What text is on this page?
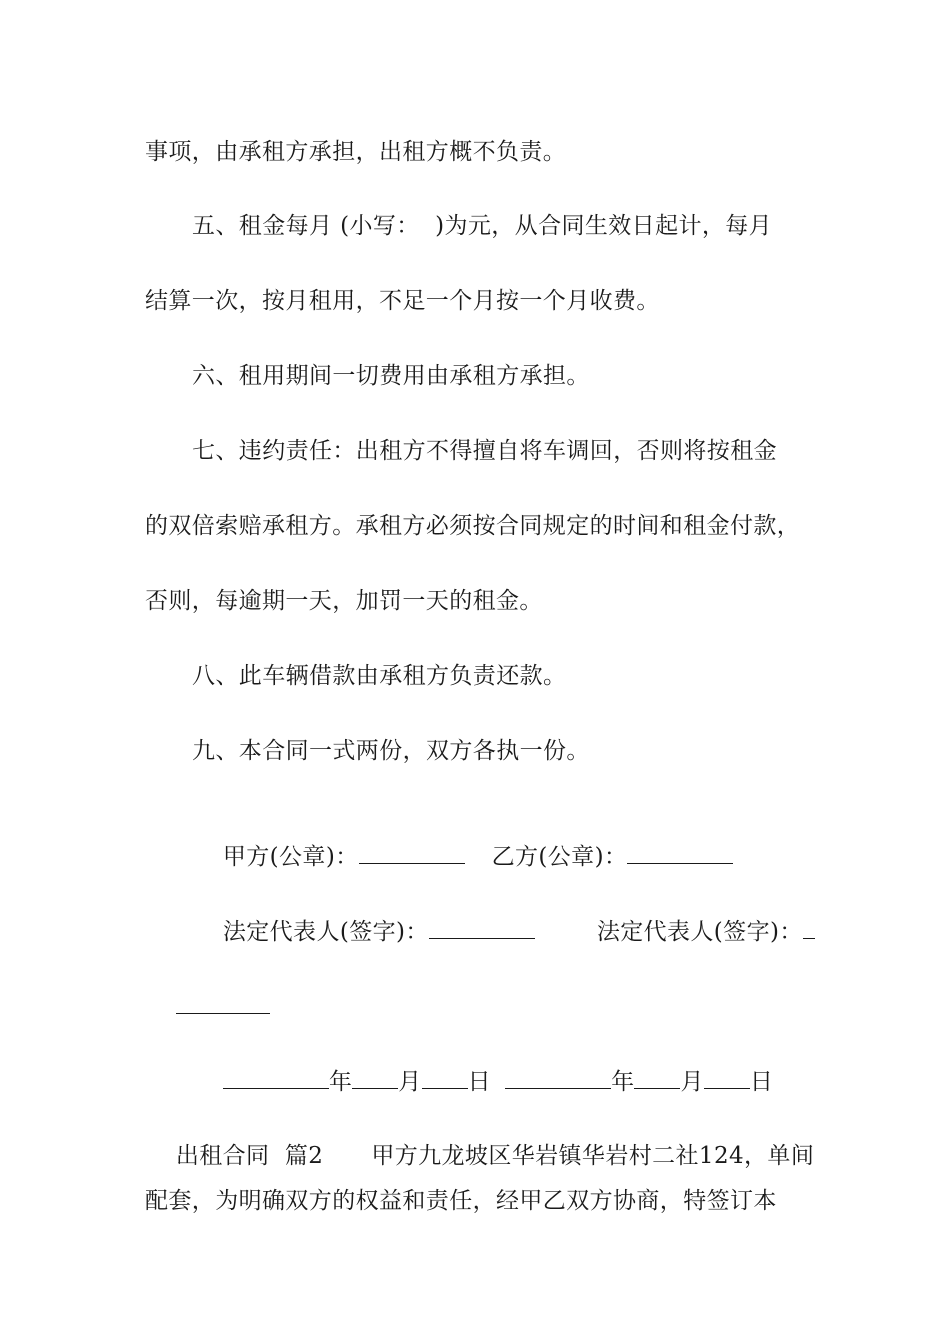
事项，由承租方承担，出租方概不负责。
五、租金每月 (小写：  )为元，从合同生效日起计，每月
结算一次，按月租用，不足一个月按一个月收费。
六、租用期间一切费用由承租方承担。
七、违约责任：出租方不得擅自将车调回，否则将按租金
的双倍索赔承租方。承租方必须按合同规定的时间和租金付款，
否则，每逾期一天，加罚一天的租金。
八、此车辆借款由承租方负责还款。
九、本合同一式两份，双方各执一份。

甲方(公章)：	乙方(公章)：

法定代表人(签字)：	法定代表人(签字)：

年 月 日	年 月 日

出租合同  篇2 甲方九龙坡区华岩镇华岩村二社124，单间

配套，为明确双方的权益和责任，经甲乙双方协商，特签订本
